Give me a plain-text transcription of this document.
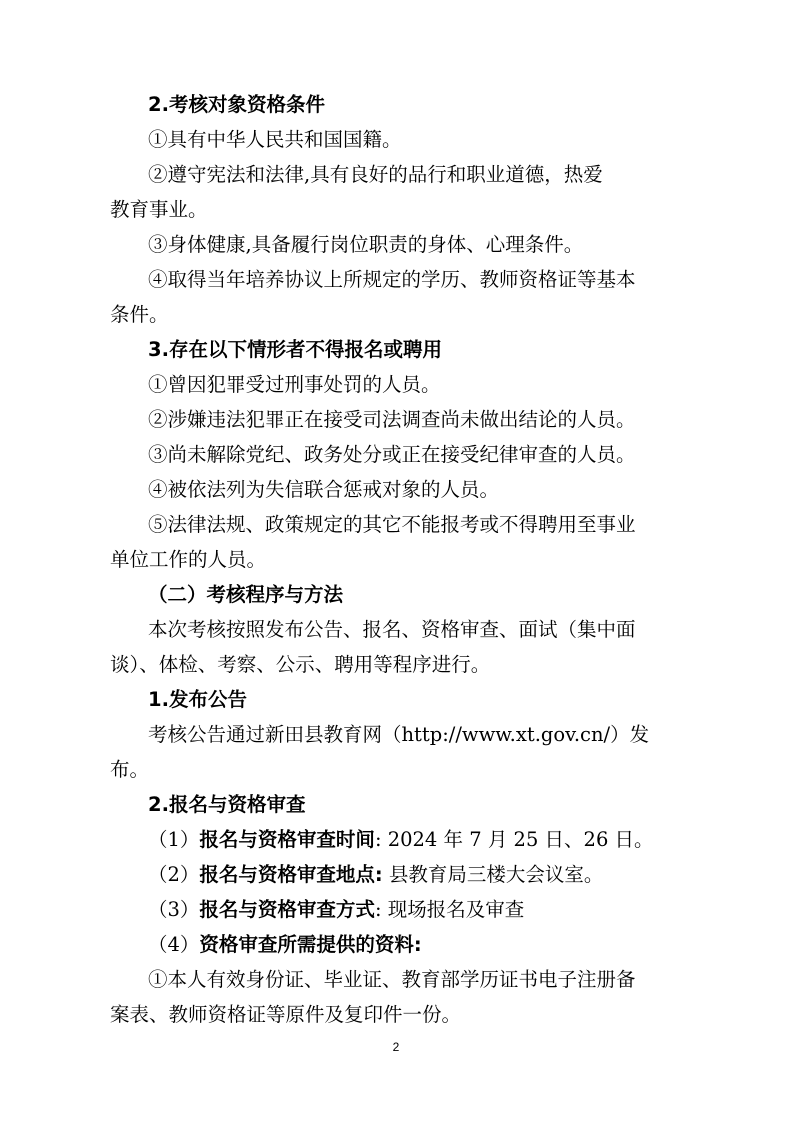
2.考核对象资格条件
①具有中华人民共和国国籍。
②遵守宪法和法律,具有良好的品行和职业道德，热爱
教育事业。
③身体健康,具备履行岗位职责的身体、心理条件。
④取得当年培养协议上所规定的学历、教师资格证等基本
条件。
3.存在以下情形者不得报名或聘用
①曾因犯罪受过刑事处罚的人员。
②涉嫌违法犯罪正在接受司法调查尚未做出结论的人员。
③尚未解除党纪、政务处分或正在接受纪律审查的人员。
④被依法列为失信联合惩戒对象的人员。
⑤法律法规、政策规定的其它不能报考或不得聘用至事业
单位工作的人员。
（二）考核程序与方法
本次考核按照发布公告、报名、资格审查、面试（集中面
谈）、体检、考察、公示、聘用等程序进行。
1.发布公告
考核公告通过新田县教育网（http://www.xt.gov.cn/）发
布。
2.报名与资格审查
（1）报名与资格审查时间: 2024 年 7 月 25 日、26 日。
（2）报名与资格审查地点: 县教育局三楼大会议室。
（3）报名与资格审查方式: 现场报名及审查
（4）资格审查所需提供的资料:
①本人有效身份证、毕业证、教育部学历证书电子注册备
案表、教师资格证等原件及复印件一份。
2
